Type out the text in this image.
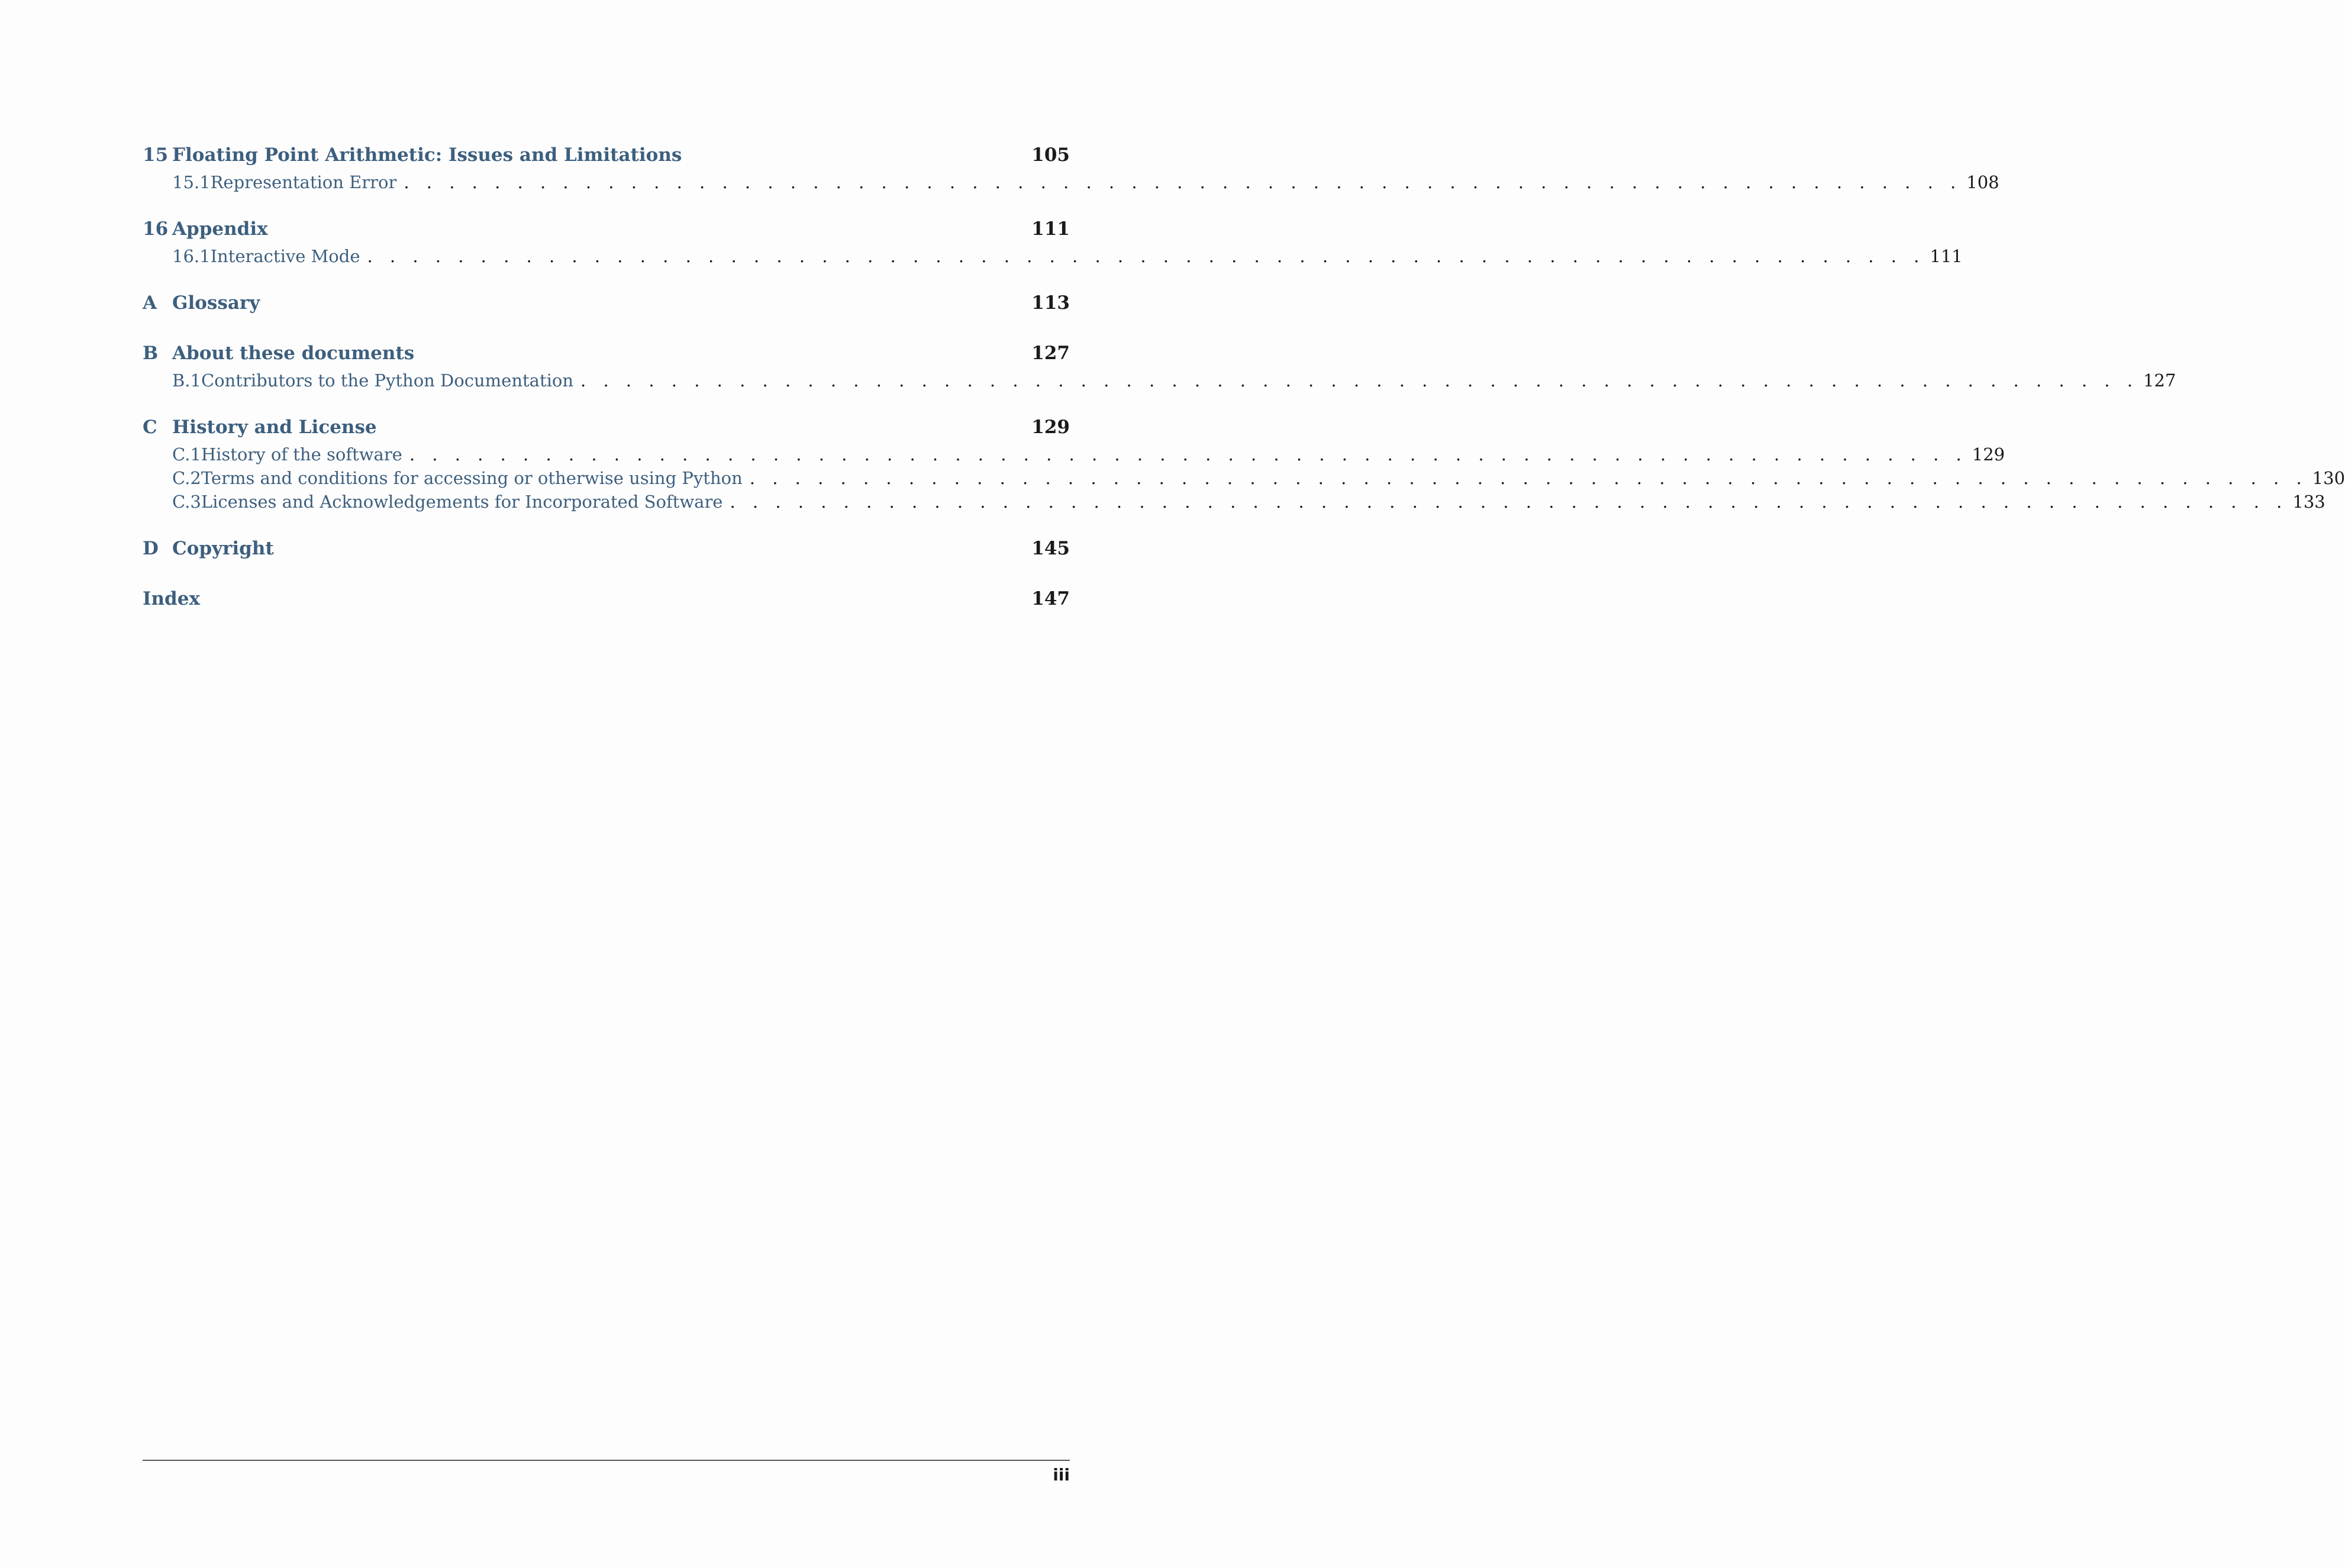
15 Floating Point Arithmetic: Issues and Limitations	105
15.1 Representation Error . . . . . . . . . . . . . . . . . . . . . . . . . . . . . . . . . . . . . . . . . . . . . . . . . . . . . . . . . . . . . . . . . . . . . 108
16 Appendix	111
16.1 Interactive Mode . . . . . . . . . . . . . . . . . . . . . . . . . . . . . . . . . . . . . . . . . . . . . . . . . . . . . . . . . . . . . . . . . . . . . 111
A Glossary	113
B About these documents	127
B.1 Contributors to the Python Documentation . . . . . . . . . . . . . . . . . . . . . . . . . . . . . . . . . . . . . . . . . . . . . . . . . . . . . . . . . . . . . . . . . . . . . 127
C History and License	129
C.1 History of the software . . . . . . . . . . . . . . . . . . . . . . . . . . . . . . . . . . . . . . . . . . . . . . . . . . . . . . . . . . . . . . . . . . . . . 129
C.2 Terms and conditions for accessing or otherwise using Python . . . . . . . . . . . . . . . . . . . . . . . . . . . . . . . . . . . . . . . . . . . . . . . . . . . . . . . . . . . . . . . . . . . . . 130
C.3 Licenses and Acknowledgements for Incorporated Software . . . . . . . . . . . . . . . . . . . . . . . . . . . . . . . . . . . . . . . . . . . . . . . . . . . . . . . . . . . . . . . . . . . . . 133
D Copyright	145
Index	147
iii
